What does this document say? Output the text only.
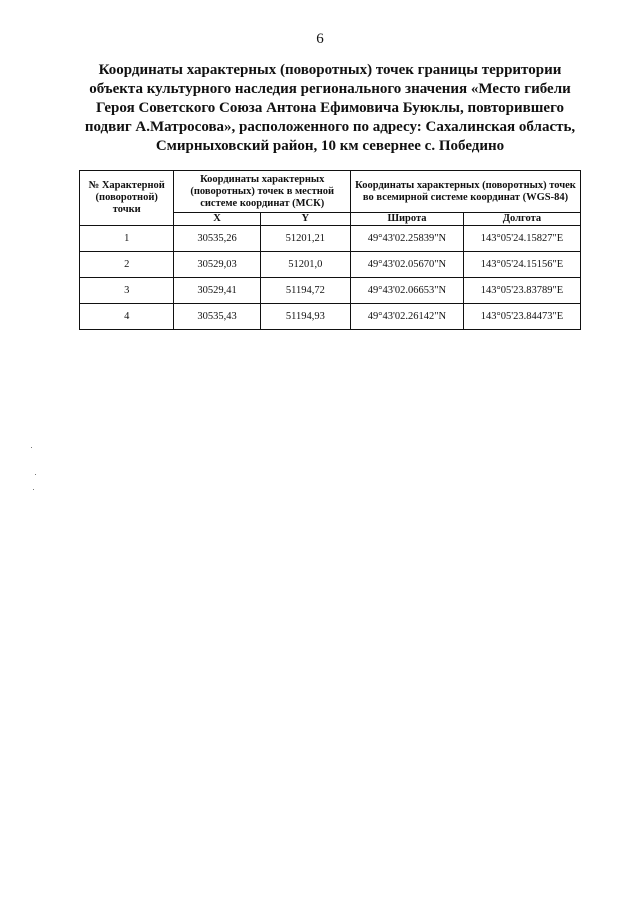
6
Координаты характерных (поворотных) точек границы территории
объекта культурного наследия регионального значения «Место гибели
Героя Советского Союза Антона Ефимовича Буюклы, повторившего
подвиг А.Матросова», расположенного по адресу: Сахалинская область,
Смирныховский район, 10 км севернее с. Победино
№ Характерной (поворотной) точки	Координаты характерных (поворотных) точек в местной системе координат (МСК)		Координаты характерных (поворотных) точек во всемирной системе координат (WGS-84)	
	X	Y	Широта	Долгота
1	30535,26	51201,21	49°43'02.25839"N	143°05'24.15827"E
2	30529,03	51201,0	49°43'02.05670"N	143°05'24.15156"E
3	30529,41	51194,72	49°43'02.06653"N	143°05'23.83789"E
4	30535,43	51194,93	49°43'02.26142"N	143°05'23.84473"E
